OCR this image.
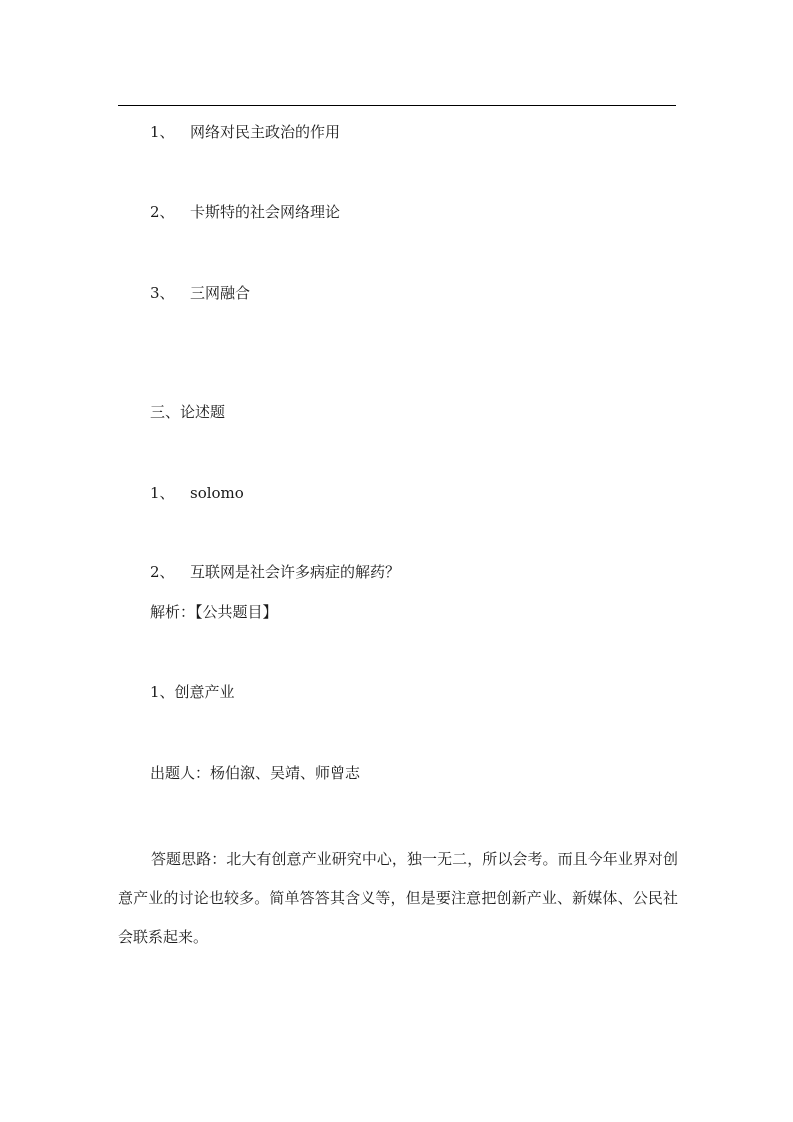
1、 网络对民主政治的作用
2、 卡斯特的社会网络理论
3、 三网融合
三、论述题
1、 solomo
2、 互联网是社会许多病症的解药？
解析：【公共题目】
1、创意产业
出题人：杨伯溆、吴靖、师曾志
答题思路：北大有创意产业研究中心，独一无二，所以会考。而且今年业界对创意产业的讨论也较多。简单答答其含义等，但是要注意把创新产业、新媒体、公民社会联系起来。
